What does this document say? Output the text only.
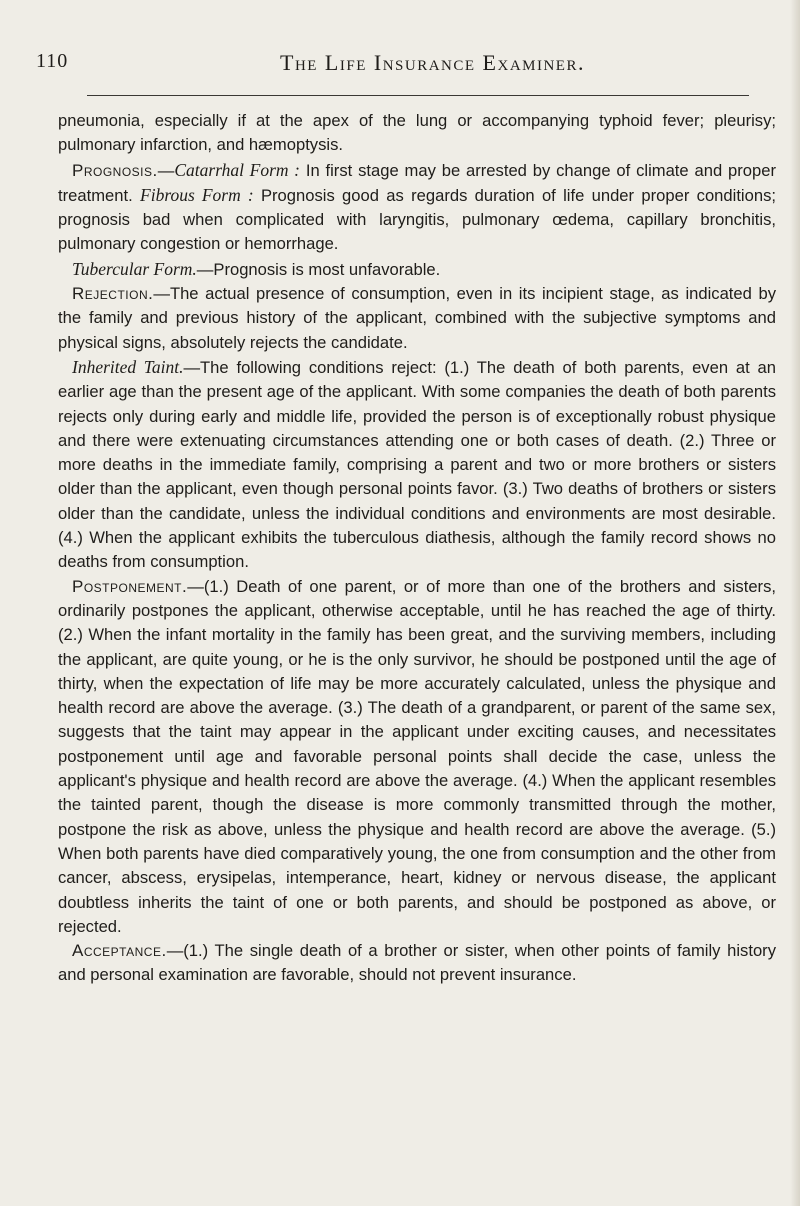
110	The Life Insurance Examiner.

pneumonia, especially if at the apex of the lung or accompanying typhoid fever; pleurisy; pulmonary infarction, and hæmoptysis.

Prognosis.—Catarrhal Form : In first stage may be arrested by change of climate and proper treatment. Fibrous Form : Prognosis good as regards duration of life under proper conditions; prognosis bad when complicated with laryngitis, pulmonary œdema, capillary bronchitis, pulmonary congestion or hemorrhage.

Tubercular Form.—Prognosis is most unfavorable.

Rejection.—The actual presence of consumption, even in its incipient stage, as indicated by the family and previous history of the applicant, combined with the subjective symptoms and physical signs, absolutely rejects the candidate.

Inherited Taint.—The following conditions reject: (1.) The death of both parents, even at an earlier age than the present age of the applicant. With some companies the death of both parents rejects only during early and middle life, provided the person is of exceptionally robust physique and there were extenuating circumstances attending one or both cases of death. (2.) Three or more deaths in the immediate family, comprising a parent and two or more brothers or sisters older than the applicant, even though personal points favor. (3.) Two deaths of brothers or sisters older than the candidate, unless the individual conditions and environments are most desirable. (4.) When the applicant exhibits the tuberculous diathesis, although the family record shows no deaths from consumption.

Postponement.—(1.) Death of one parent, or of more than one of the brothers and sisters, ordinarily postpones the applicant, otherwise acceptable, until he has reached the age of thirty. (2.) When the infant mortality in the family has been great, and the surviving members, including the applicant, are quite young, or he is the only survivor, he should be postponed until the age of thirty, when the expectation of life may be more accurately calculated, unless the physique and health record are above the average. (3.) The death of a grandparent, or parent of the same sex, suggests that the taint may appear in the applicant under exciting causes, and necessitates postponement until age and favorable personal points shall decide the case, unless the applicant's physique and health record are above the average. (4.) When the applicant resembles the tainted parent, though the disease is more commonly transmitted through the mother, postpone the risk as above, unless the physique and health record are above the average. (5.) When both parents have died comparatively young, the one from consumption and the other from cancer, abscess, erysipelas, intemperance, heart, kidney or nervous disease, the applicant doubtless inherits the taint of one or both parents, and should be postponed as above, or rejected.

Acceptance.—(1.) The single death of a brother or sister, when other points of family history and personal examination are favorable, should not prevent insurance.
